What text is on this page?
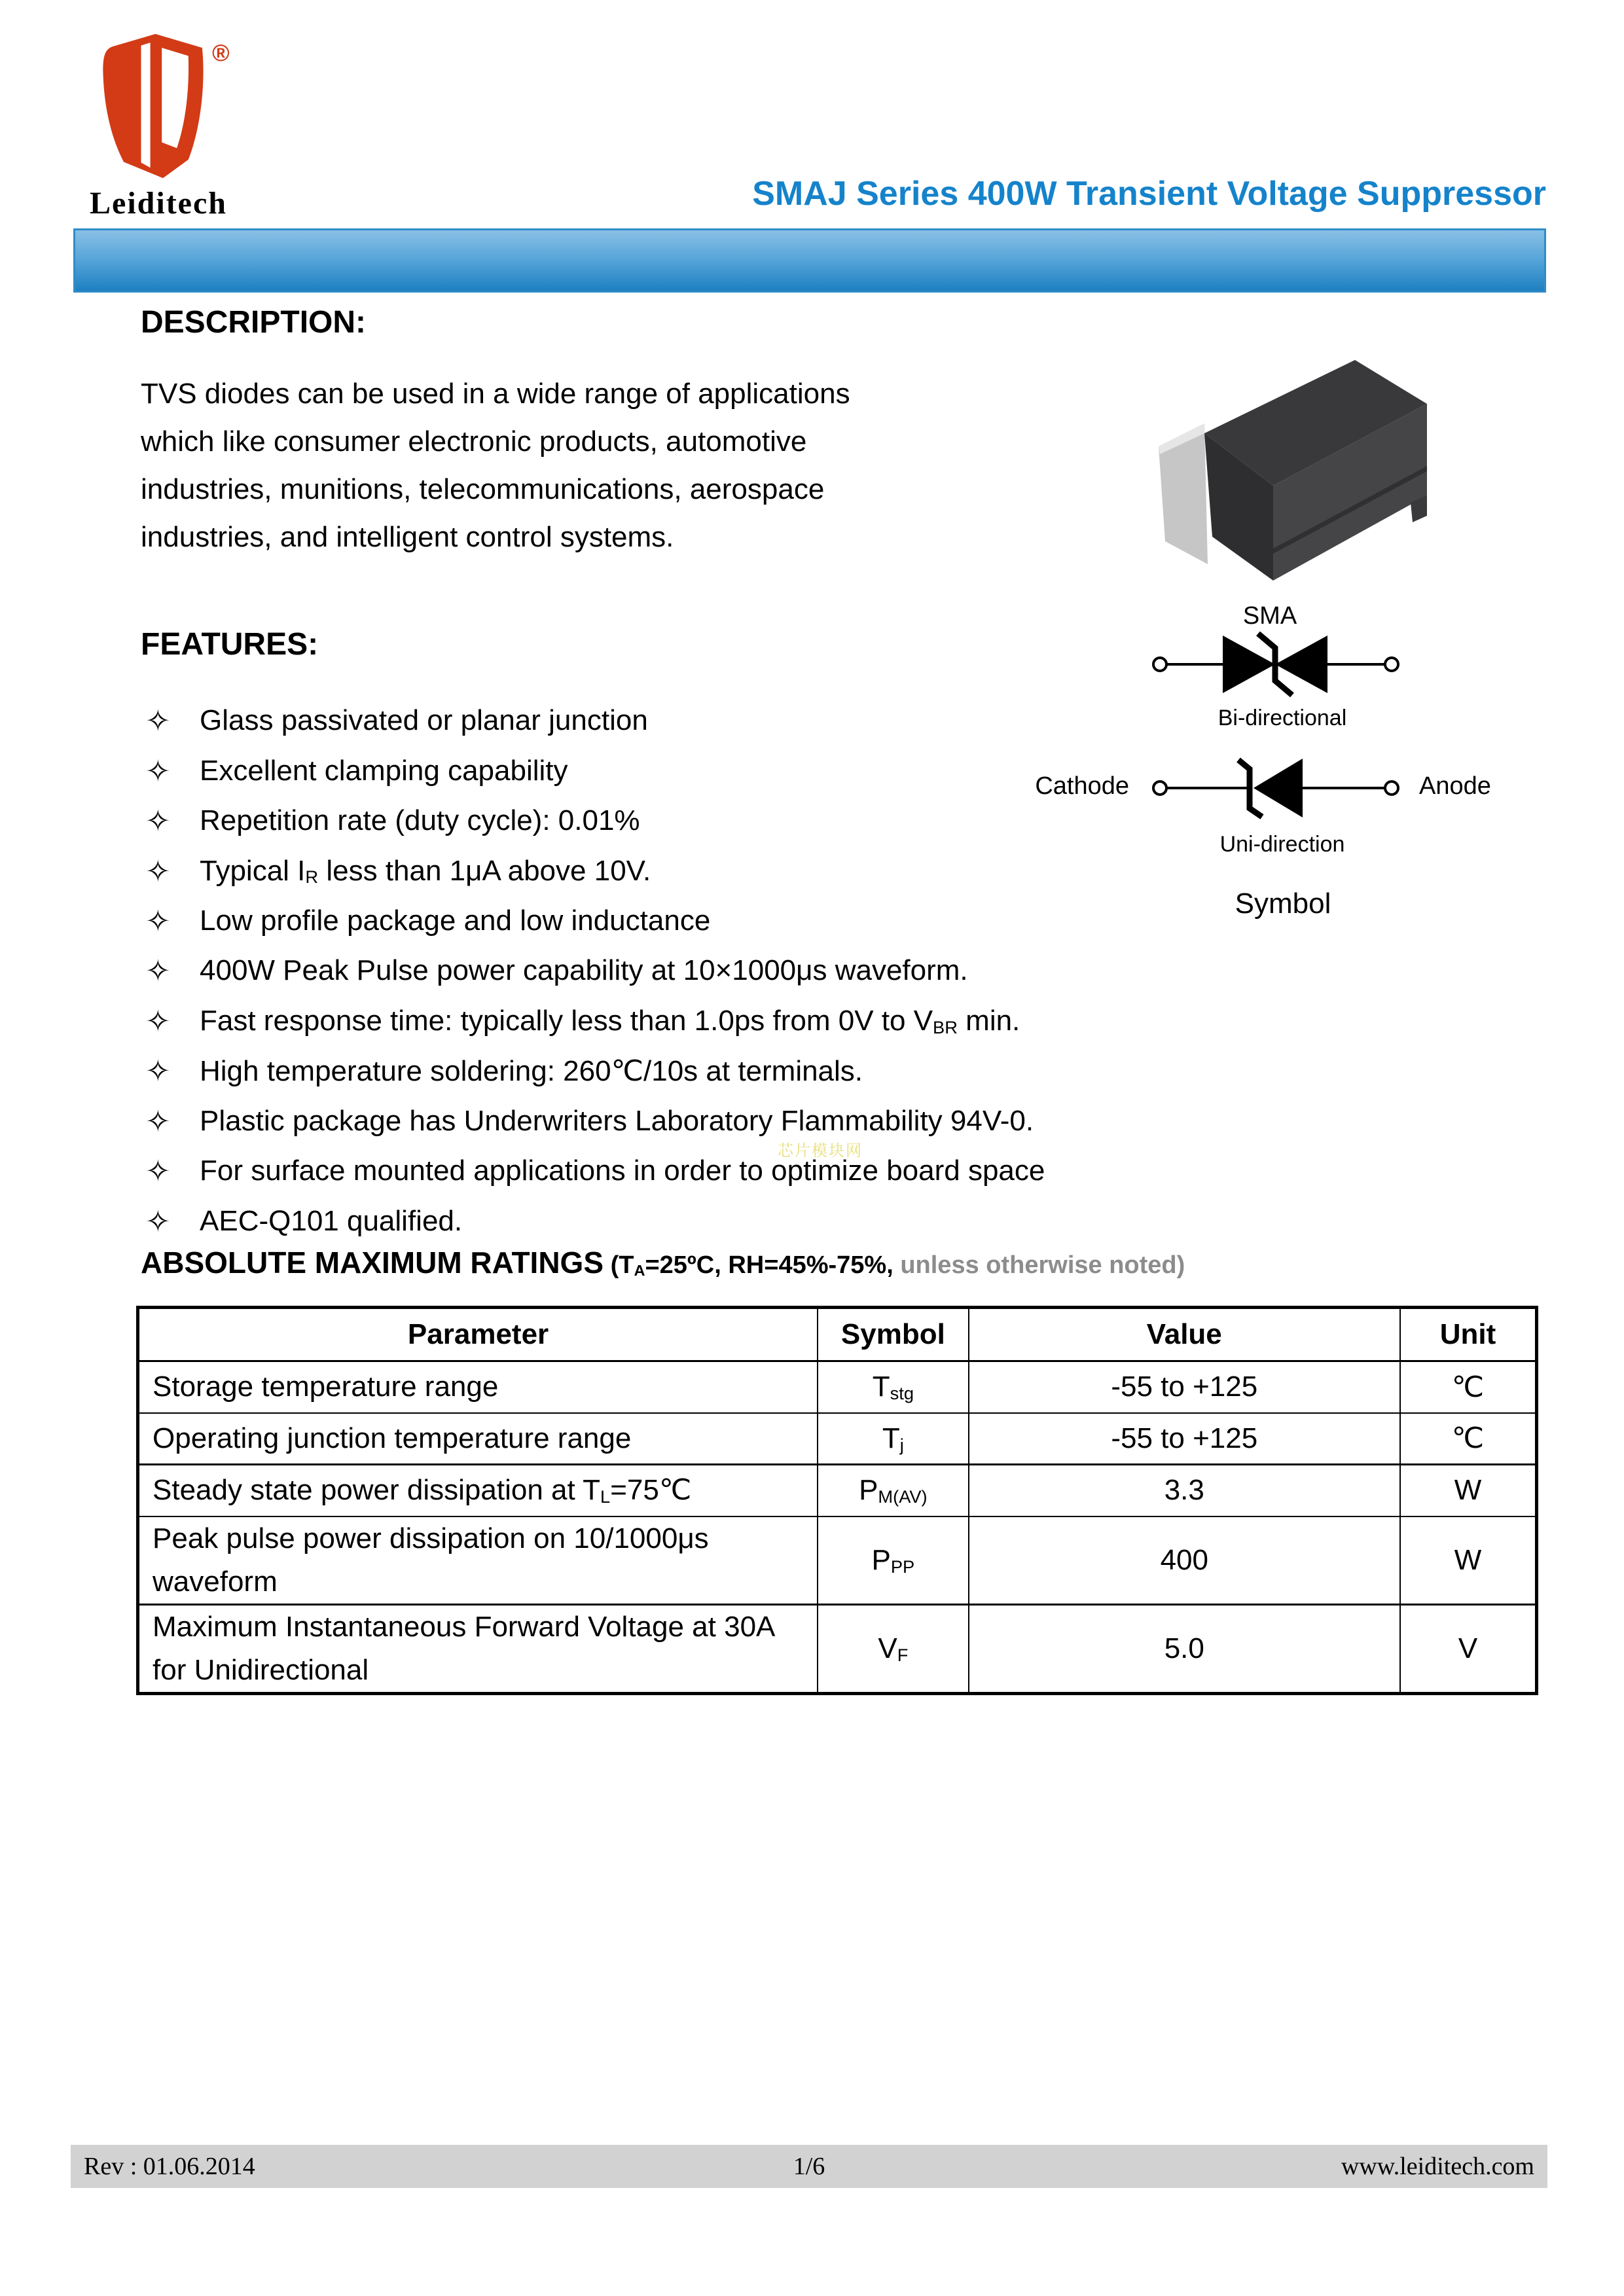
®
Leiditech	SMAJ Series 400W Transient Voltage Suppressor
DESCRIPTION:
TVS diodes can be used in a wide range of applications
which like consumer electronic products, automotive
industries, munitions, telecommunications, aerospace
industries, and intelligent control systems.
SMA
Bi-directional
Cathode	Anode
Uni-direction
Symbol
FEATURES:
✧	Glass passivated or planar junction
✧	Excellent clamping capability
✧	Repetition rate (duty cycle): 0.01%
✧	Typical $I_R$ less than 1μA above 10V.
✧	Low profile package and low inductance
✧	400W Peak Pulse power capability at 10×1000μs waveform.
✧	Fast response time: typically less than 1.0ps from 0V to $V_{BR}$ min.
✧	High temperature soldering: 260℃/10s at terminals.
✧	Plastic package has Underwriters Laboratory Flammability 94V-0.
✧	For surface mounted applications in order to optimize board space
✧	AEC-Q101 qualified.
芯片模块网
ABSOLUTE MAXIMUM RATINGS ($T_A=25ºC$, RH=45%-75%, unless otherwise noted)
Parameter	Symbol	Value	Unit
Storage temperature range	$T_{stg}$	-55 to +125	℃
Operating junction temperature range	$T_j$	-55 to +125	℃
Steady state power dissipation at $T_L=75℃$	$P_{M(AV)}$	3.3	W
Peak pulse power dissipation on 10/1000μs waveform	$P_{PP}$	400	W
Maximum Instantaneous Forward Voltage at 30A for Unidirectional	$V_F$	5.0	V
Rev : 01.06.2014	1/6	www.leiditech.com
